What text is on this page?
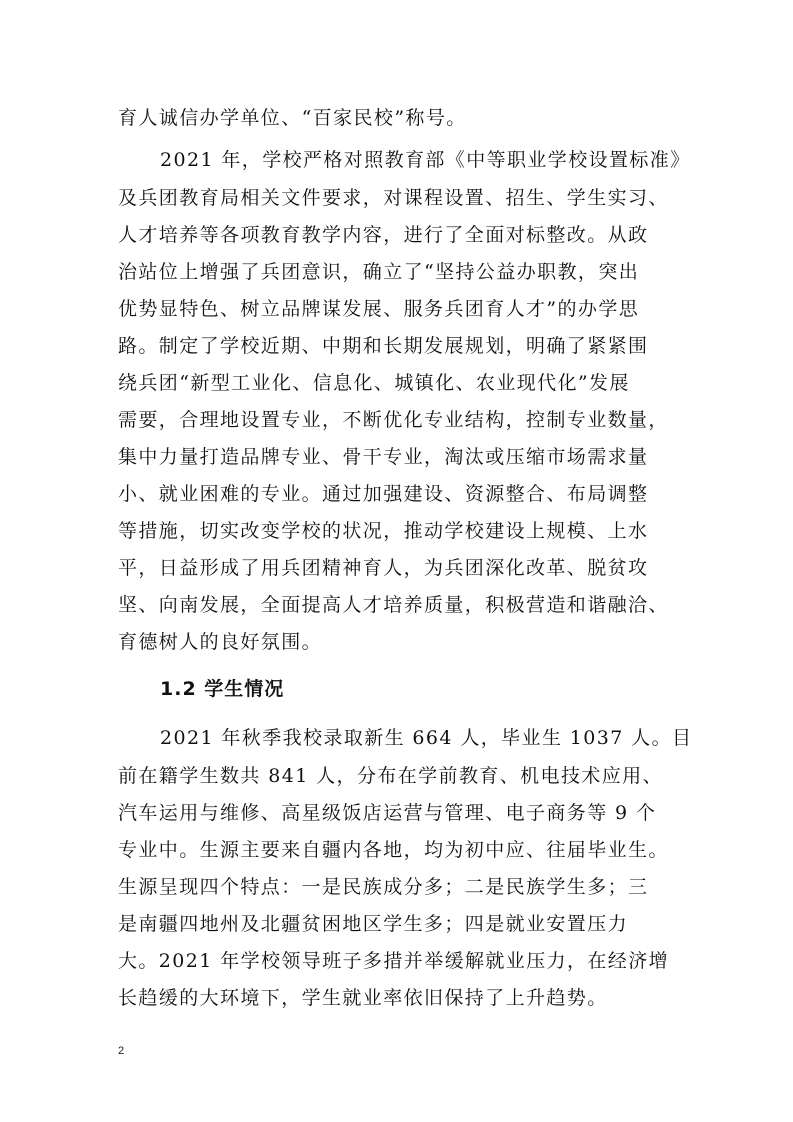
育人诚信办学单位、“百家民校”称号。
2021 年，学校严格对照教育部《中等职业学校设置标准》
及兵团教育局相关文件要求，对课程设置、招生、学生实习、
人才培养等各项教育教学内容，进行了全面对标整改。从政
治站位上增强了兵团意识，确立了“坚持公益办职教，突出
优势显特色、树立品牌谋发展、服务兵团育人才”的办学思
路。制定了学校近期、中期和长期发展规划，明确了紧紧围
绕兵团“新型工业化、信息化、城镇化、农业现代化”发展
需要，合理地设置专业，不断优化专业结构，控制专业数量，
集中力量打造品牌专业、骨干专业，淘汰或压缩市场需求量
小、就业困难的专业。通过加强建设、资源整合、布局调整
等措施，切实改变学校的状况，推动学校建设上规模、上水
平，日益形成了用兵团精神育人，为兵团深化改革、脱贫攻
坚、向南发展，全面提高人才培养质量，积极营造和谐融洽、
育德树人的良好氛围。
1.2 学生情况
2021 年秋季我校录取新生 664 人，毕业生 1037 人。目
前在籍学生数共 841 人，分布在学前教育、机电技术应用、
汽车运用与维修、高星级饭店运营与管理、电子商务等 9 个
专业中。生源主要来自疆内各地，均为初中应、往届毕业生。
生源呈现四个特点：一是民族成分多；二是民族学生多；三
是南疆四地州及北疆贫困地区学生多；四是就业安置压力
大。2021 年学校领导班子多措并举缓解就业压力，在经济增
长趋缓的大环境下，学生就业率依旧保持了上升趋势。
2
